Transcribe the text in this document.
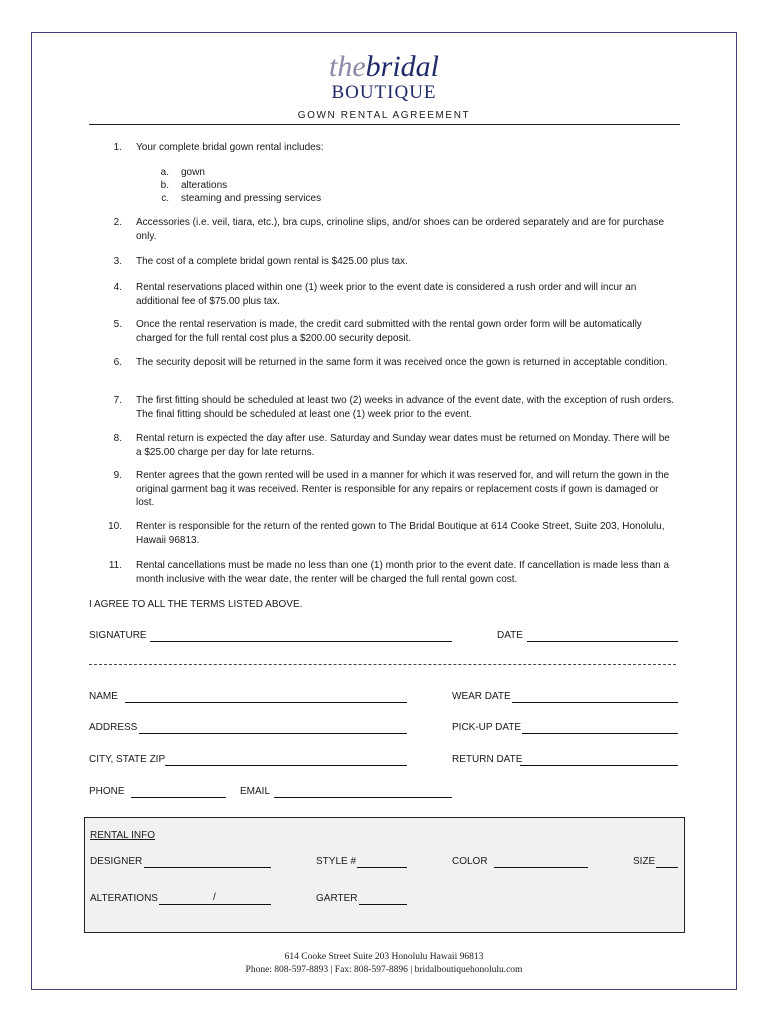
thebridal
BOUTIQUE
GOWN RENTAL AGREEMENT
1. Your complete bridal gown rental includes:
a. gown
b. alterations
c. steaming and pressing services
2. Accessories (i.e. veil, tiara, etc.), bra cups, crinoline slips, and/or shoes can be ordered separately and are for purchase only.
3. The cost of a complete bridal gown rental is $425.00 plus tax.
4. Rental reservations placed within one (1) week prior to the event date is considered a rush order and will incur an additional fee of $75.00 plus tax.
5. Once the rental reservation is made, the credit card submitted with the rental gown order form will be automatically charged for the full rental cost plus a $200.00 security deposit.
6. The security deposit will be returned in the same form it was received once the gown is returned in acceptable condition.
7. The first fitting should be scheduled at least two (2) weeks in advance of the event date, with the exception of rush orders. The final fitting should be scheduled at least one (1) week prior to the event.
8. Rental return is expected the day after use. Saturday and Sunday wear dates must be returned on Monday. There will be a $25.00 charge per day for late returns.
9. Renter agrees that the gown rented will be used in a manner for which it was reserved for, and will return the gown in the original garment bag it was received. Renter is responsible for any repairs or replacement costs if gown is damaged or lost.
10. Renter is responsible for the return of the rented gown to The Bridal Boutique at 614 Cooke Street, Suite 203, Honolulu, Hawaii 96813.
11. Rental cancellations must be made no less than one (1) month prior to the event date. If cancellation is made less than a month inclusive with the wear date, the renter will be charged the full rental gown cost.
I AGREE TO ALL THE TERMS LISTED ABOVE.
SIGNATURE	DATE
NAME	WEAR DATE
ADDRESS	PICK-UP DATE
CITY, STATE ZIP	RETURN DATE
PHONE	EMAIL
RENTAL INFO
DESIGNER	STYLE #	COLOR	SIZE
ALTERATIONS	/	GARTER
614 Cooke Street Suite 203 Honolulu Hawaii 96813
Phone: 808-597-8893 | Fax: 808-597-8896 | bridalboutiquehonolulu.com
